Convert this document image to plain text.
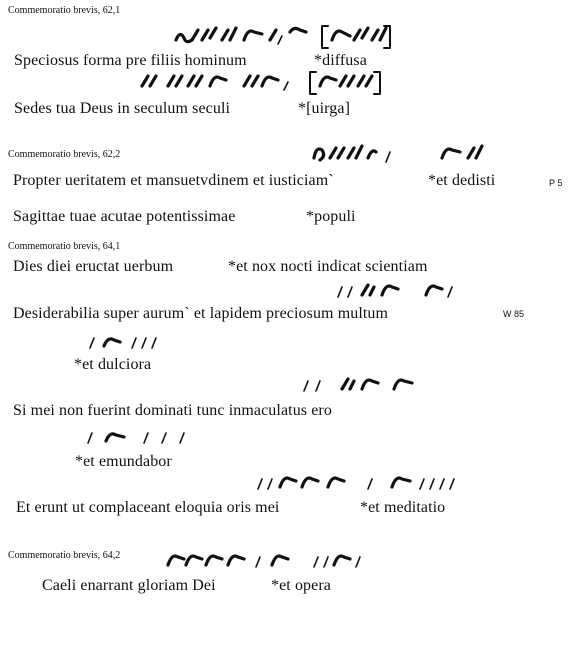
Commemoratio brevis, 62,1
Speciosus forma pre filiis hominum	*diffusa
Sedes tua Deus in seculum seculi	*[uirga]
Commemoratio brevis, 62,2
Propter ueritatem et mansuetvdinem et iusticiam`	*et dedisti	P 5
Sagittae tuae acutae potentissimae	*populi
Commemoratio brevis, 64,1
Dies diei eructat uerbum	*et nox nocti indicat scientiam
Desiderabilia super aurum` et lapidem preciosum multum	W 85
*et dulciora
Si mei non fuerint dominati tunc inmaculatus ero
*et emundabor
Et erunt ut complaceant eloquia oris mei	*et meditatio
Commemoratio brevis, 64,2
Caeli enarrant gloriam Dei	*et opera
